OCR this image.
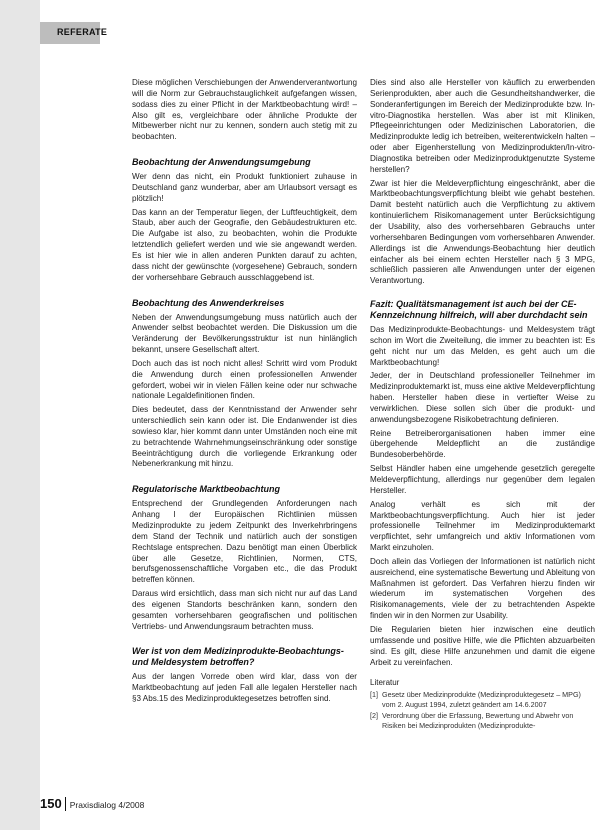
REFERATE

Diese möglichen Verschiebungen der Anwenderverantwortung will die Norm zur Gebrauchstauglichkeit aufgefangen wissen, sodass dies zu einer Pflicht in der Marktbeobachtung wird! – Also gilt es, vergleichbare oder ähnliche Produkte der Mitbewerber nicht nur zu kennen, sondern auch stetig mit zu beobachten.

Beobachtung der Anwendungsumgebung

Wer denn das nicht, ein Produkt funktioniert zuhause in Deutschland ganz wunderbar, aber am Urlaubsort versagt es plötzlich!

Das kann an der Temperatur liegen, der Luftfeuchtigkeit, dem Staub, aber auch der Geografie, den Gebäudestrukturen etc. Die Aufgabe ist also, zu beobachten, wohin die Produkte letztendlich geliefert werden und wie sie angewandt werden. Es ist hier wie in allen anderen Punkten darauf zu achten, dass nicht der gewünschte (vorgesehene) Gebrauch, sondern der vorhersehbare Gebrauch ausschlaggebend ist.

Beobachtung des Anwenderkreises

Neben der Anwendungsumgebung muss natürlich auch der Anwender selbst beobachtet werden. Die Diskussion um die Veränderung der Bevölkerungsstruktur ist nun hinlänglich bekannt, unsere Gesellschaft altert.

Doch auch das ist noch nicht alles! Schritt wird vom Produkt die Anwendung durch einen professionellen Anwender gefordert, wobei wir in vielen Fällen keine oder nur schwache nationale Legaldefinitionen finden.

Dies bedeutet, dass der Kenntnisstand der Anwender sehr unterschiedlich sein kann oder ist. Die Endanwender ist dies sowieso klar, hier kommt dann unter Umständen noch eine mit zu betrachtende Wahrnehmungseinschränkung oder sonstige Beeinträchtigung durch die vorliegende Erkrankung oder Nebenerkrankung mit hinzu.

Regulatorische Marktbeobachtung

Entsprechend der Grundlegenden Anforderungen nach Anhang I der Europäischen Richtlinien müssen Medizinprodukte zu jedem Zeitpunkt des Inverkehrbringens dem Stand der Technik und natürlich auch der sonstigen Rechtslage entsprechen. Dazu benötigt man einen Überblick über alle Gesetze, Richtlinien, Normen, CTS, berufsgenossenschaftliche Vorgaben etc., die das Produkt betreffen können.

Daraus wird ersichtlich, dass man sich nicht nur auf das Land des eigenen Standorts beschränken kann, sondern den gesamten vorhersehbaren geografischen und politischen Vertriebs- und Anwendungsraum betrachten muss.

Wer ist von dem Medizinprodukte-Beobachtungs- und Meldesystem betroffen?

Aus der langen Vorrede oben wird klar, dass von der Marktbeobachtung auf jeden Fall alle legalen Hersteller nach §3 Abs.15 des Medizinproduktegesetzes betroffen sind.

Dies sind also alle Hersteller von käuflich zu erwerbenden Serienprodukten, aber auch die Gesundheitshandwerker, die Sonderanfertigungen im Bereich der Medizinprodukte bzw. In-vitro-Diagnostika herstellen. Was aber ist mit Kliniken, Pflegeeinrichtungen oder Medizinischen Laboratorien, die Medizinprodukte ledig ich betreiben, weiterentwickeln halten – oder aber Eigenherstellung von Medizinprodukten/In-vitro-Diagnostika betreiben oder Medizinproduktgenutzte Systeme herstellen?

Zwar ist hier die Meldeverpflichtung eingeschränkt, aber die Marktbeobachtungsverpflichtung bleibt wie gehabt bestehen. Damit besteht natürlich auch die Verpflichtung zu aktivem kontinuierlichem Risikomanagement unter Berücksichtigung der Usability, also des vorhersehbaren Gebrauchs unter vorhersehbaren Bedingungen vom vorhersehbaren Anwender. Allerdings ist die Anwendungs-Beobachtung hier deutlich einfacher als bei einem echten Hersteller nach § 3 MPG, schließlich passieren alle Anwendungen unter der eigenen Verantwortung.

Fazit: Qualitätsmanagement ist auch bei der CE-Kennzeichnung hilfreich, will aber durchdacht sein

Das Medizinprodukte-Beobachtungs- und Meldesystem trägt schon im Wort die Zweiteilung, die immer zu beachten ist: Es geht nicht nur um das Melden, es geht auch um die Marktbeobachtung!

Jeder, der in Deutschland professioneller Teilnehmer im Medizinproduktemarkt ist, muss eine aktive Meldeverpflichtung haben. Hersteller haben diese in vertiefter Weise zu verwirklichen. Diese sollen sich über die produkt- und anwendungsbezogene Risikobetrachtung definieren.

Reine Betreiberorganisationen haben immer eine übergehende Meldepflicht an die zuständige Bundesoberbehörde.

Selbst Händler haben eine umgehende gesetzlich geregelte Meldeverpflichtung, allerdings nur gegenüber dem legalen Hersteller.

Analog verhält es sich mit der Marktbeobachtungsverpflichtung. Auch hier ist jeder professionelle Teilnehmer im Medizinproduktemarkt verpflichtet, sehr umfangreich und aktiv Informationen vom Markt einzuholen.

Doch allein das Vorliegen der Informationen ist natürlich nicht ausreichend, eine systematische Bewertung und Ableitung von Maßnahmen ist gefordert. Das Verfahren hierzu finden wir wiederum im systematischen Vorgehen des Risikomanagements, viele der zu betrachtenden Aspekte finden wir in den Normen zur Usability.

Die Regularien bieten hier inzwischen eine deutlich umfassende und positive Hilfe, wie die Pflichten abzuarbeiten sind. Es gilt, diese Hilfe anzunehmen und damit die eigene Arbeit zu vereinfachen.

Literatur
[1] Gesetz über Medizinprodukte (Medizinproduktegesetz – MPG) vom 2. August 1994, zuletzt geändert am 14.6.2007
[2] Verordnung über die Erfassung, Bewertung und Abwehr von Risiken bei Medizinprodukten (Medizinprodukte-
150 Praxisdialog 4/2008
